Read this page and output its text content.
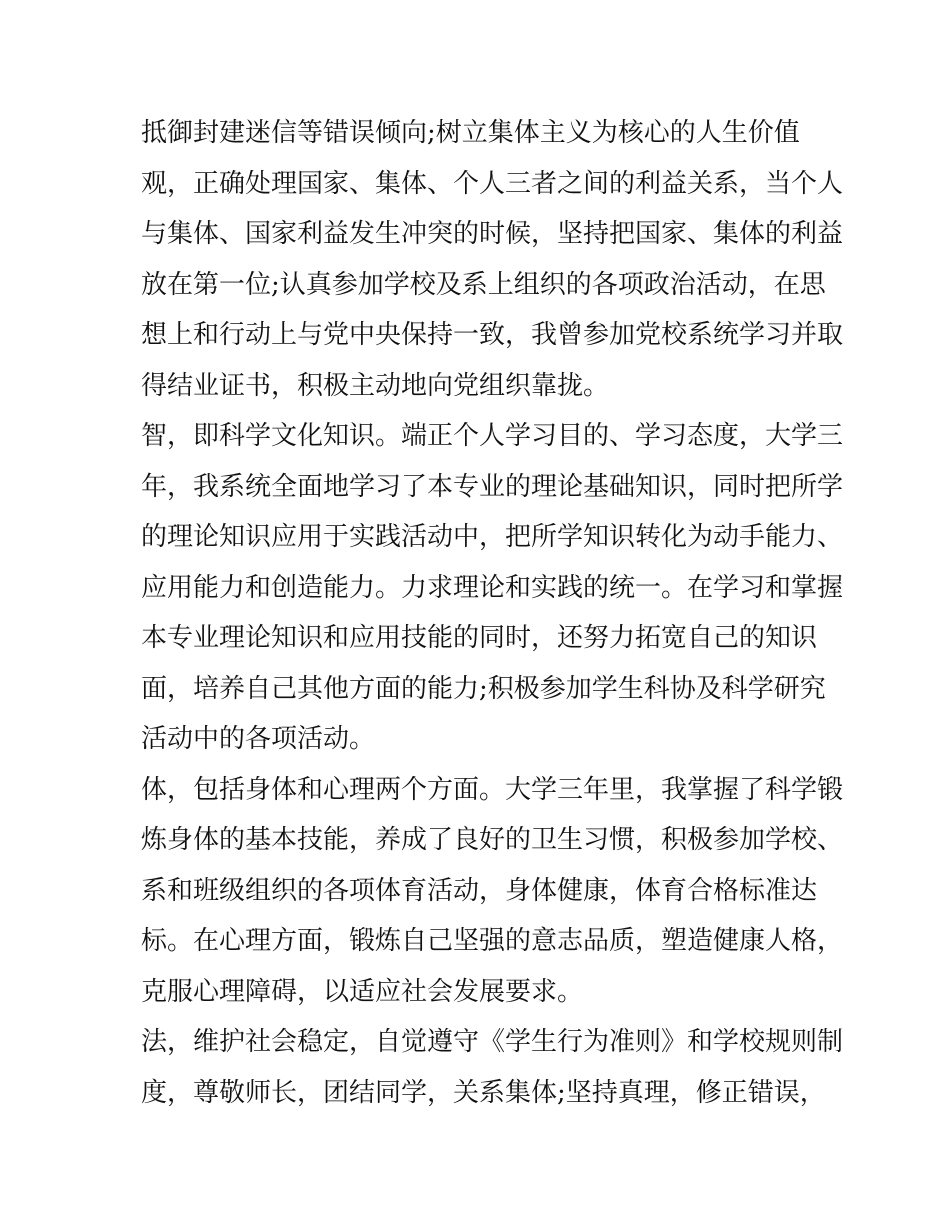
抵御封建迷信等错误倾向;树立集体主义为核心的人生价值
观，正确处理国家、集体、个人三者之间的利益关系，当个人
与集体、国家利益发生冲突的时候，坚持把国家、集体的利益
放在第一位;认真参加学校及系上组织的各项政治活动，在思
想上和行动上与党中央保持一致，我曾参加党校系统学习并取
得结业证书，积极主动地向党组织靠拢。
智，即科学文化知识。端正个人学习目的、学习态度，大学三
年，我系统全面地学习了本专业的理论基础知识，同时把所学
的理论知识应用于实践活动中，把所学知识转化为动手能力、
应用能力和创造能力。力求理论和实践的统一。在学习和掌握
本专业理论知识和应用技能的同时，还努力拓宽自己的知识
面，培养自己其他方面的能力;积极参加学生科协及科学研究
活动中的各项活动。
体，包括身体和心理两个方面。大学三年里，我掌握了科学锻
炼身体的基本技能，养成了良好的卫生习惯，积极参加学校、
系和班级组织的各项体育活动，身体健康，体育合格标准达
标。在心理方面，锻炼自己坚强的意志品质，塑造健康人格，
克服心理障碍，以适应社会发展要求。
法，维护社会稳定，自觉遵守《学生行为准则》和学校规则制
度，尊敬师长，团结同学，关系集体;坚持真理，修正错误，
